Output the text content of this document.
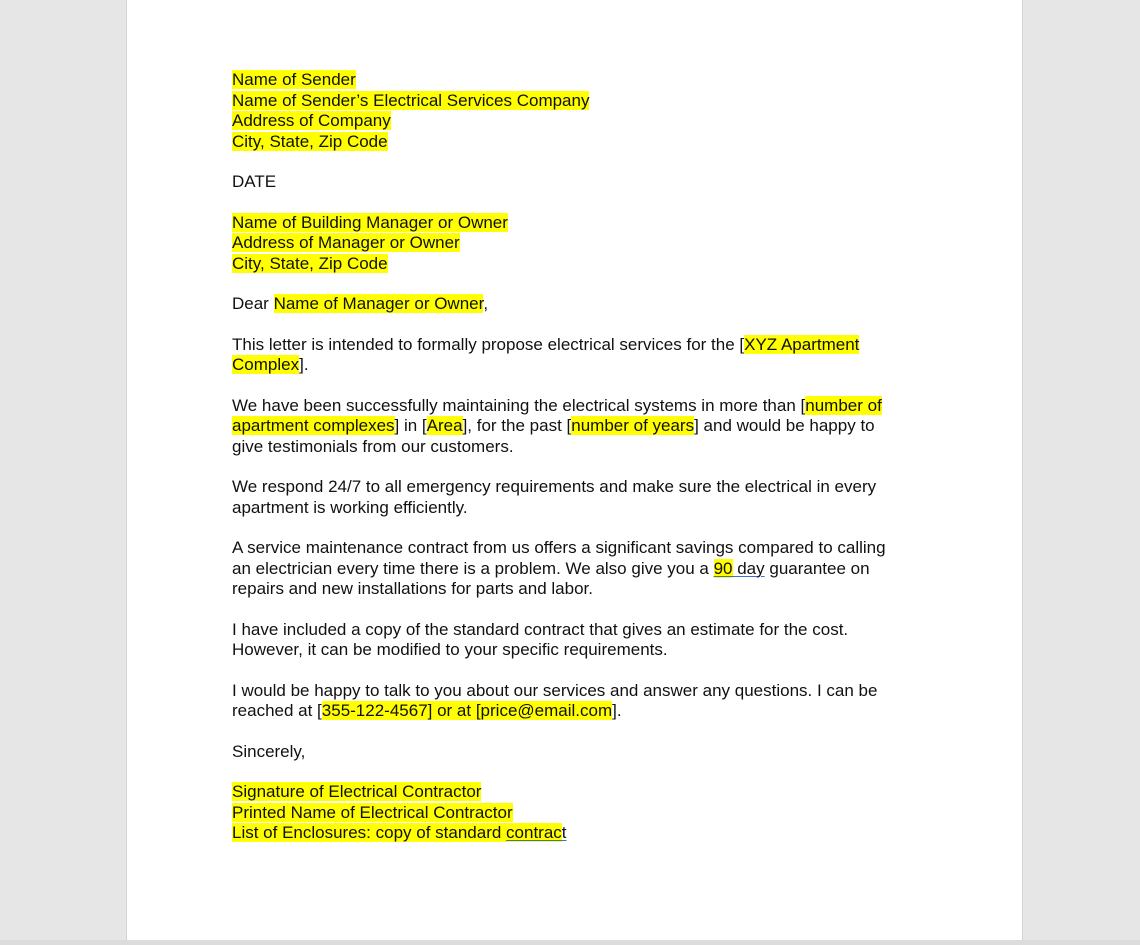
Name of Sender
Name of Sender’s Electrical Services Company
Address of Company
City, State, Zip Code
DATE
Name of Building Manager or Owner
Address of Manager or Owner
City, State, Zip Code
Dear Name of Manager or Owner,
This letter is intended to formally propose electrical services for the [XYZ Apartment
Complex].
We have been successfully maintaining the electrical systems in more than [number of
apartment complexes] in [Area], for the past [number of years] and would be happy to
give testimonials from our customers.
We respond 24/7 to all emergency requirements and make sure the electrical in every
apartment is working efficiently.
A service maintenance contract from us offers a significant savings compared to calling
an electrician every time there is a problem. We also give you a 90 day guarantee on
repairs and new installations for parts and labor.
I have included a copy of the standard contract that gives an estimate for the cost.
However, it can be modified to your specific requirements.
I would be happy to talk to you about our services and answer any questions. I can be
reached at [355-122-4567] or at [price@email.com].
Sincerely,
Signature of Electrical Contractor
Printed Name of Electrical Contractor
List of Enclosures: copy of standard contract
